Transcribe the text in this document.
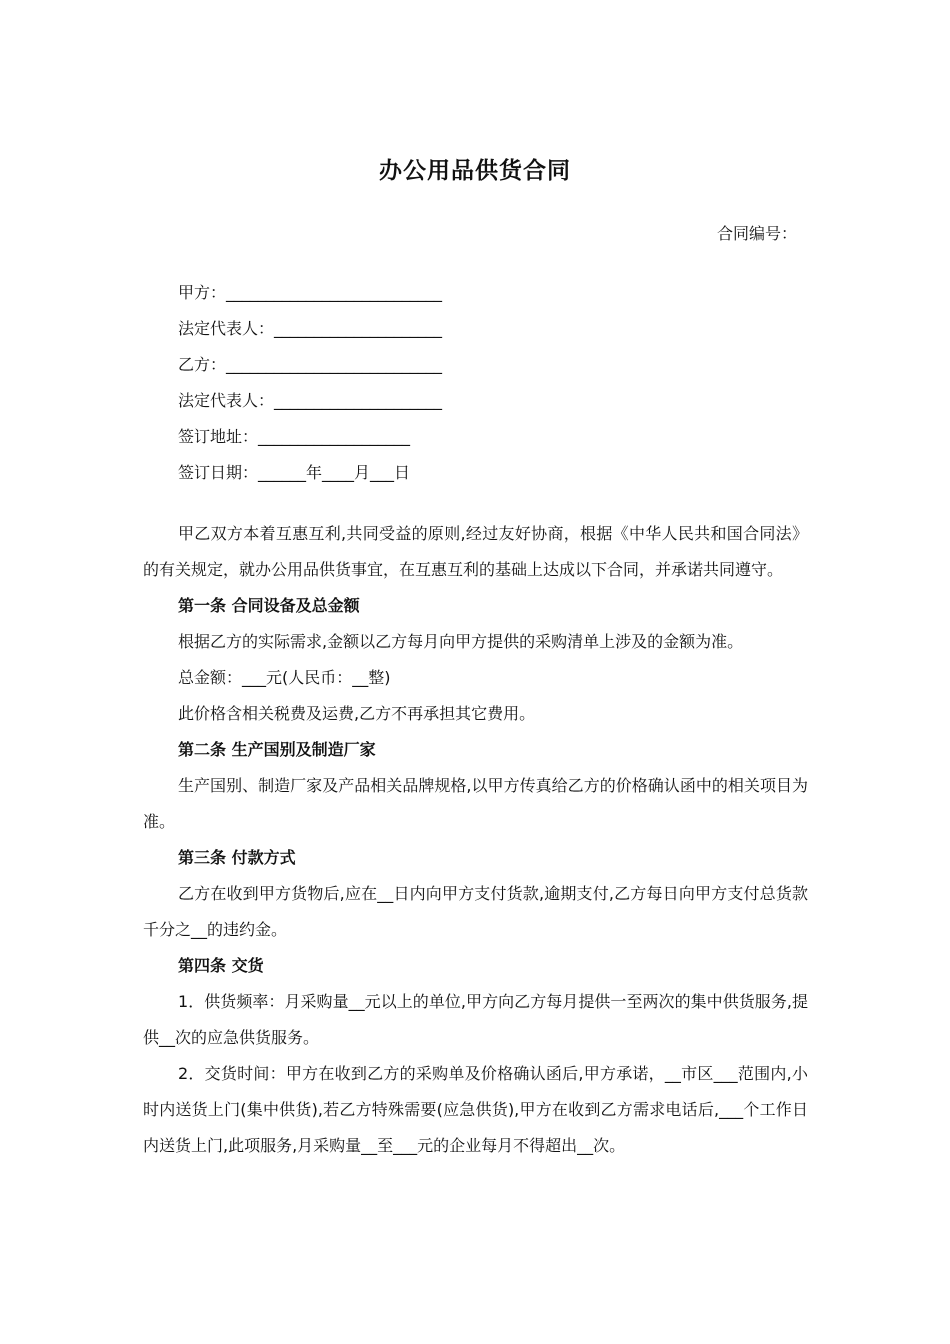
办公用品供货合同
合同编号：
甲方：___________________________
法定代表人：_____________________
乙方：___________________________
法定代表人：_____________________
签订地址：___________________
签订日期：______年____月___日

甲乙双方本着互惠互利,共同受益的原则,经过友好协商，根据《中华人民共和国合同法》的有关规定，就办公用品供货事宜，在互惠互利的基础上达成以下合同，并承诺共同遵守。

第一条 合同设备及总金额

根据乙方的实际需求,金额以乙方每月向甲方提供的采购清单上涉及的金额为准。

总金额：___元(人民币：__整)

此价格含相关税费及运费,乙方不再承担其它费用。

第二条 生产国别及制造厂家

生产国别、制造厂家及产品相关品牌规格,以甲方传真给乙方的价格确认函中的相关项目为准。

第三条 付款方式

乙方在收到甲方货物后,应在__日内向甲方支付货款,逾期支付,乙方每日向甲方支付总货款千分之__的违约金。

第四条 交货

1．供货频率：月采购量__元以上的单位,甲方向乙方每月提供一至两次的集中供货服务,提供__次的应急供货服务。

2．交货时间：甲方在收到乙方的采购单及价格确认函后,甲方承诺，__市区___范围内,小时内送货上门(集中供货),若乙方特殊需要(应急供货),甲方在收到乙方需求电话后,___个工作日内送货上门,此项服务,月采购量__至___元的企业每月不得超出__次。
